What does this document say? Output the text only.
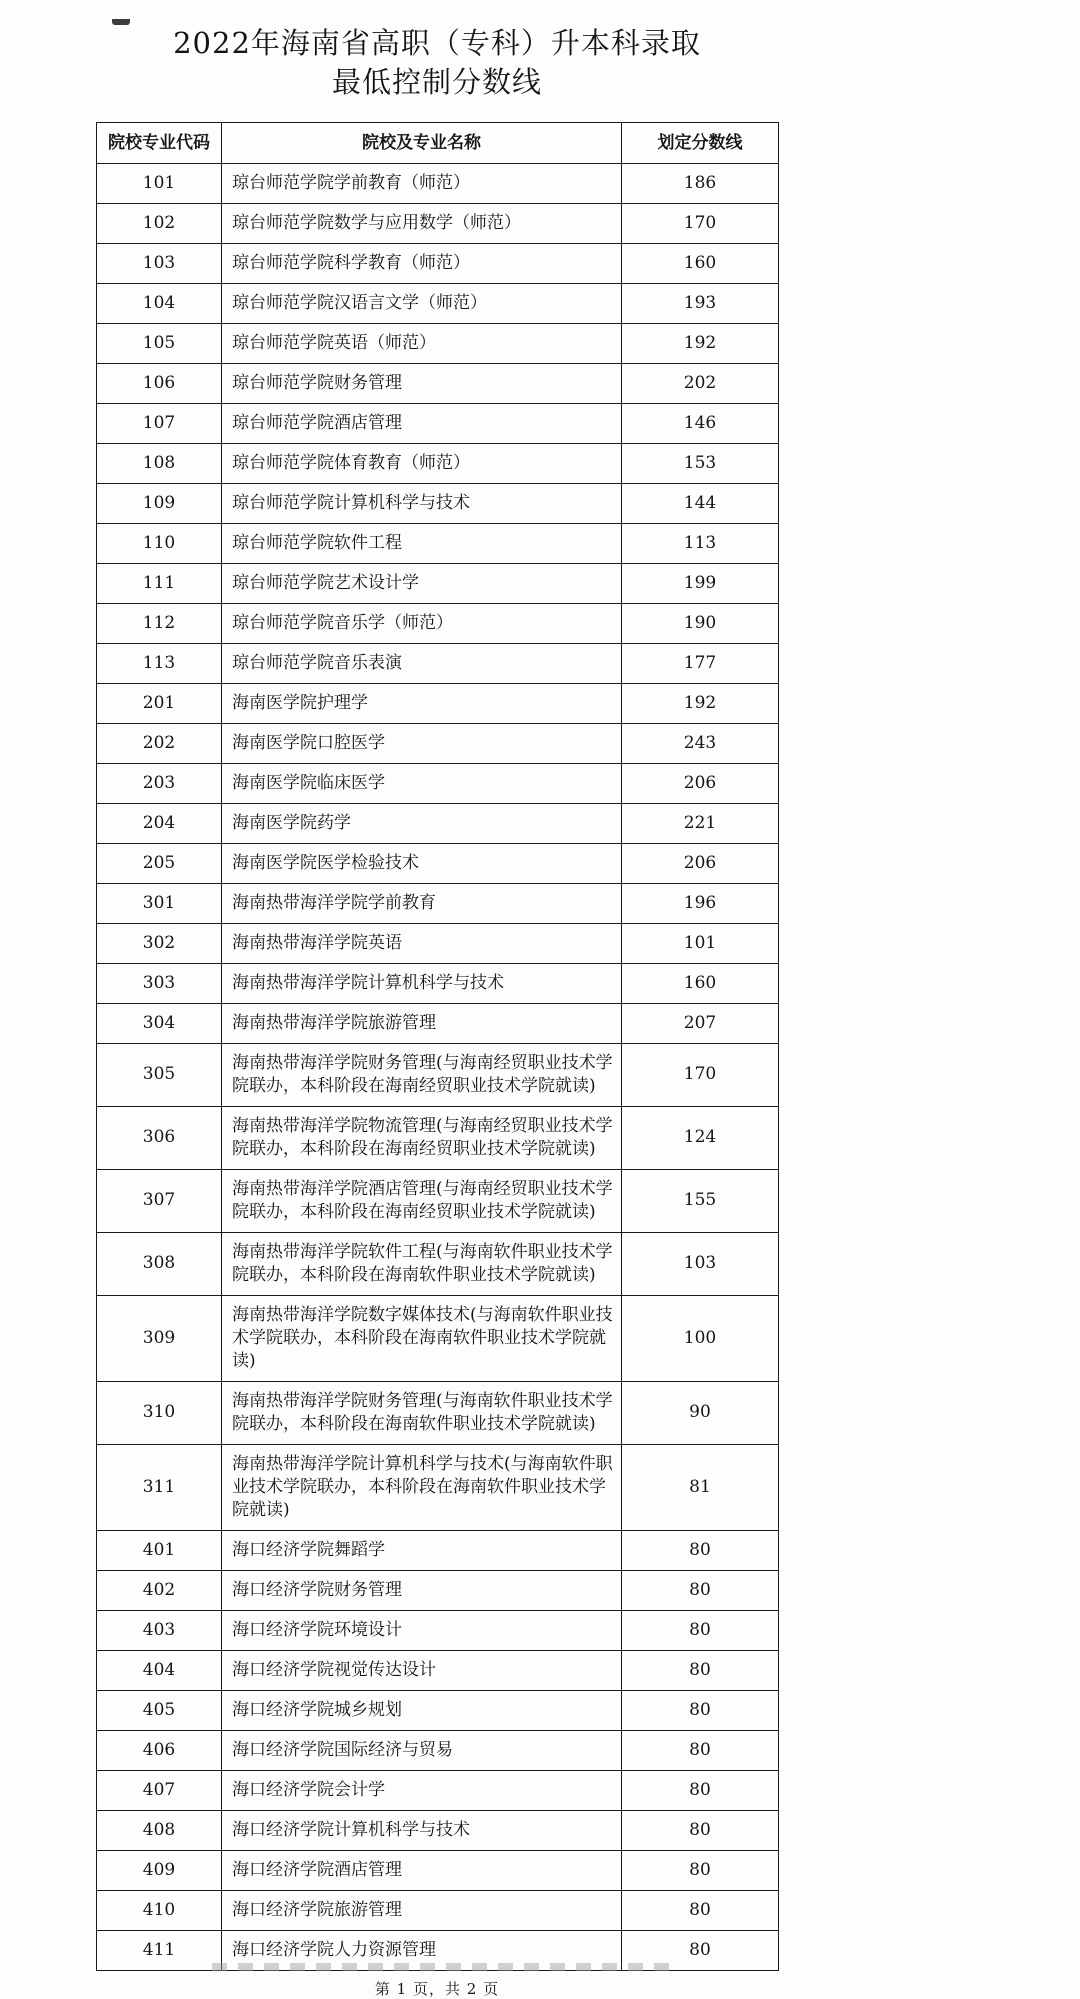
2022年海南省高职（专科）升本科录取
最低控制分数线
院校专业代码	院校及专业名称	划定分数线
101	琼台师范学院学前教育（师范）	186
102	琼台师范学院数学与应用数学（师范）	170
103	琼台师范学院科学教育（师范）	160
104	琼台师范学院汉语言文学（师范）	193
105	琼台师范学院英语（师范）	192
106	琼台师范学院财务管理	202
107	琼台师范学院酒店管理	146
108	琼台师范学院体育教育（师范）	153
109	琼台师范学院计算机科学与技术	144
110	琼台师范学院软件工程	113
111	琼台师范学院艺术设计学	199
112	琼台师范学院音乐学（师范）	190
113	琼台师范学院音乐表演	177
201	海南医学院护理学	192
202	海南医学院口腔医学	243
203	海南医学院临床医学	206
204	海南医学院药学	221
205	海南医学院医学检验技术	206
301	海南热带海洋学院学前教育	196
302	海南热带海洋学院英语	101
303	海南热带海洋学院计算机科学与技术	160
304	海南热带海洋学院旅游管理	207
305	海南热带海洋学院财务管理(与海南经贸职业技术学院联办，本科阶段在海南经贸职业技术学院就读)	170
306	海南热带海洋学院物流管理(与海南经贸职业技术学院联办，本科阶段在海南经贸职业技术学院就读)	124
307	海南热带海洋学院酒店管理(与海南经贸职业技术学院联办，本科阶段在海南经贸职业技术学院就读)	155
308	海南热带海洋学院软件工程(与海南软件职业技术学院联办，本科阶段在海南软件职业技术学院就读)	103
309	海南热带海洋学院数字媒体技术(与海南软件职业技术学院联办，本科阶段在海南软件职业技术学院就读)	100
310	海南热带海洋学院财务管理(与海南软件职业技术学院联办，本科阶段在海南软件职业技术学院就读)	90
311	海南热带海洋学院计算机科学与技术(与海南软件职业技术学院联办，本科阶段在海南软件职业技术学院就读)	81
401	海口经济学院舞蹈学	80
402	海口经济学院财务管理	80
403	海口经济学院环境设计	80
404	海口经济学院视觉传达设计	80
405	海口经济学院城乡规划	80
406	海口经济学院国际经济与贸易	80
407	海口经济学院会计学	80
408	海口经济学院计算机科学与技术	80
409	海口经济学院酒店管理	80
410	海口经济学院旅游管理	80
411	海口经济学院人力资源管理	80
第 1 页，共 2 页
